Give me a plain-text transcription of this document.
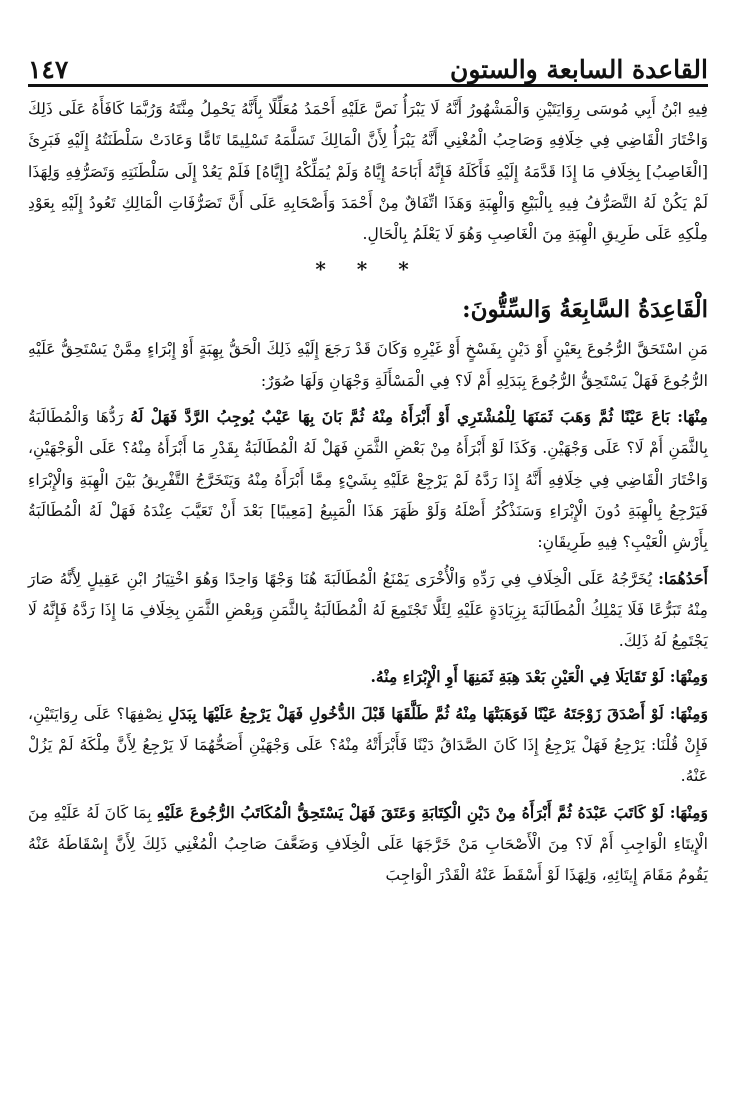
١٤٧	القاعدة السابعة والستون

فِيهِ ابْنُ أَبِي مُوسَى رِوَايَتَيْنِ وَالْمَشْهُورُ أَنَّهُ لَا يَبْرَأُ نَصَّ عَلَيْهِ أَحْمَدُ مُعَلِّلًا بِأَنَّهُ يَحْمِلُ مِنَّتَهُ وَرُبَّمَا كَافَأَهُ عَلَى ذَلِكَ وَاخْتَارَ الْقَاضِي فِي خِلَافِهِ وَصَاحِبُ الْمُغْنِي أَنَّهُ يَبْرَأُ لِأَنَّ الْمَالِكَ تَسَلَّمَهُ تَسْلِيمًا تَامًّا وَعَادَتْ سَلْطَنَتُهُ إِلَيْهِ فَبَرِئَ [الْغَاصِبُ] بِخِلَافِ مَا إِذَا قَدَّمَهُ إِلَيْهِ فَأَكَلَهُ فَإِنَّهُ أَبَاحَهُ إِيَّاهُ وَلَمْ يُمَلِّكْهُ [إِيَّاهُ] فَلَمْ يَعُدْ إِلَى سَلْطَنَتِهِ وَتَصَرُّفِهِ وَلِهَذَا لَمْ يَكُنْ لَهُ التَّصَرُّفُ فِيهِ بِالْبَيْعِ وَالْهِبَةِ وَهَذَا اتِّفَاقٌ مِنْ أَحْمَدَ وَأَصْحَابِهِ عَلَى أَنَّ تَصَرُّفَاتِ الْمَالِكِ تَعُودُ إِلَيْهِ بِعَوْدِ مِلْكِهِ عَلَى طَرِيقِ الْهِبَةِ مِنَ الْغَاصِبِ وَهُوَ لَا يَعْلَمُ بِالْحَالِ.

* * *
الْقَاعِدَةُ السَّابِعَةُ وَالسِّتُّونَ:

مَنِ اسْتَحَقَّ الرُّجُوعَ بِعَيْنٍ أَوْ دَيْنٍ بِفَسْخٍ أَوْ غَيْرِهِ وَكَانَ قَدْ رَجَعَ إِلَيْهِ ذَلِكَ الْحَقُّ بِهِبَةٍ أَوْ إِبْرَاءٍ مِمَّنْ يَسْتَحِقُّ عَلَيْهِ الرُّجُوعَ فَهَلْ يَسْتَحِقُّ الرُّجُوعَ بِبَدَلِهِ أَمْ لَا؟ فِي الْمَسْأَلَةِ وَجْهَانِ وَلَهَا صُوَرٌ:

مِنْهَا: بَاعَ عَيْنًا ثُمَّ وَهَبَ ثَمَنَهَا لِلْمُشْتَرِي أَوْ أَبْرَأَهُ مِنْهُ ثُمَّ بَانَ بِهَا عَيْبٌ يُوجِبُ الرَّدَّ فَهَلْ لَهُ رَدُّهَا وَالْمُطَالَبَةُ بِالثَّمَنِ أَمْ لَا؟ عَلَى وَجْهَيْنِ. وَكَذَا لَوْ أَبْرَأَهُ مِنْ بَعْضِ الثَّمَنِ فَهَلْ لَهُ الْمُطَالَبَةُ بِقَدْرِ مَا أَبْرَأَهُ مِنْهُ؟ عَلَى الْوَجْهَيْنِ، وَاخْتَارَ الْقَاضِي فِي خِلَافِهِ أَنَّهُ إِذَا رَدَّهُ لَمْ يَرْجِعْ عَلَيْهِ بِشَيْءٍ مِمَّا أَبْرَأَهُ مِنْهُ وَيَتَخَرَّجُ التَّفْرِيقُ بَيْنَ الْهِبَةِ وَالْإِبْرَاءِ فَيَرْجِعُ بِالْهِبَةِ دُونَ الْإِبْرَاءِ وَسَنَذْكُرُ أَصْلَهُ وَلَوْ ظَهَرَ هَذَا الْمَبِيعُ [مَعِيبًا] بَعْدَ أَنْ تَعَيَّبَ عِنْدَهُ فَهَلْ لَهُ الْمُطَالَبَةُ بِأَرْشِ الْعَيْبِ؟ فِيهِ طَرِيقَانِ:

أَحَدُهُمَا: يُخَرَّجُهُ عَلَى الْخِلَافِ فِي رَدِّهِ وَالْأُخْرَى يَمْنَعُ الْمُطَالَبَةَ هُنَا وَجْهًا وَاحِدًا وَهُوَ اخْتِيَارُ ابْنِ عَقِيلٍ لِأَنَّهُ صَارَ مِنْهُ تَبَرُّعًا فَلَا يَمْلِكُ الْمُطَالَبَةَ بِزِيَادَةٍ عَلَيْهِ لِئَلَّا تَجْتَمِعَ لَهُ الْمُطَالَبَةُ بِالثَّمَنِ وَبِعْضِ الثَّمَنِ بِخِلَافِ مَا إِذَا رَدَّهُ فَإِنَّهُ لَا يَجْتَمِعُ لَهُ ذَلِكَ.

وَمِنْهَا: لَوْ تَقَايَلَا فِي الْعَيْنِ بَعْدَ هِبَةِ ثَمَنِهَا أَوِ الْإِبْرَاءِ مِنْهُ.

وَمِنْهَا: لَوْ أَصْدَقَ زَوْجَتَهُ عَيْنًا فَوَهَبَتْهَا مِنْهُ ثُمَّ طَلَّقَهَا قَبْلَ الدُّخُولِ فَهَلْ يَرْجِعُ عَلَيْهَا بِبَدَلِ نِصْفِهَا؟ عَلَى رِوَايَتَيْنِ، فَإِنْ قُلْنَا: يَرْجِعُ فَهَلْ يَرْجِعُ إِذَا كَانَ الصَّدَاقُ دَيْنًا فَأَبْرَأَتْهُ مِنْهُ؟ عَلَى وَجْهَيْنِ أَصَحُّهُمَا لَا يَرْجِعُ لِأَنَّ مِلْكَهُ لَمْ يَزُلْ عَنْهُ.

وَمِنْهَا: لَوْ كَاتَبَ عَبْدَهُ ثُمَّ أَبْرَأَهُ مِنْ دَيْنِ الْكِتَابَةِ وَعَتَقَ فَهَلْ يَسْتَحِقُّ الْمُكَاتَبُ الرُّجُوعَ عَلَيْهِ بِمَا كَانَ لَهُ عَلَيْهِ مِنَ الْإِيتَاءِ الْوَاجِبِ أَمْ لَا؟ مِنَ الْأَصْحَابِ مَنْ خَرَّجَهَا عَلَى الْخِلَافِ وَضَعَّفَ صَاحِبُ الْمُغْنِي ذَلِكَ لِأَنَّ إِسْقَاطَهُ عَنْهُ يَقُومُ مَقَامَ إِيتَائِهِ، وَلِهَذَا لَوْ أَسْقَطَ عَنْهُ الْقَدْرَ الْوَاجِبَ
